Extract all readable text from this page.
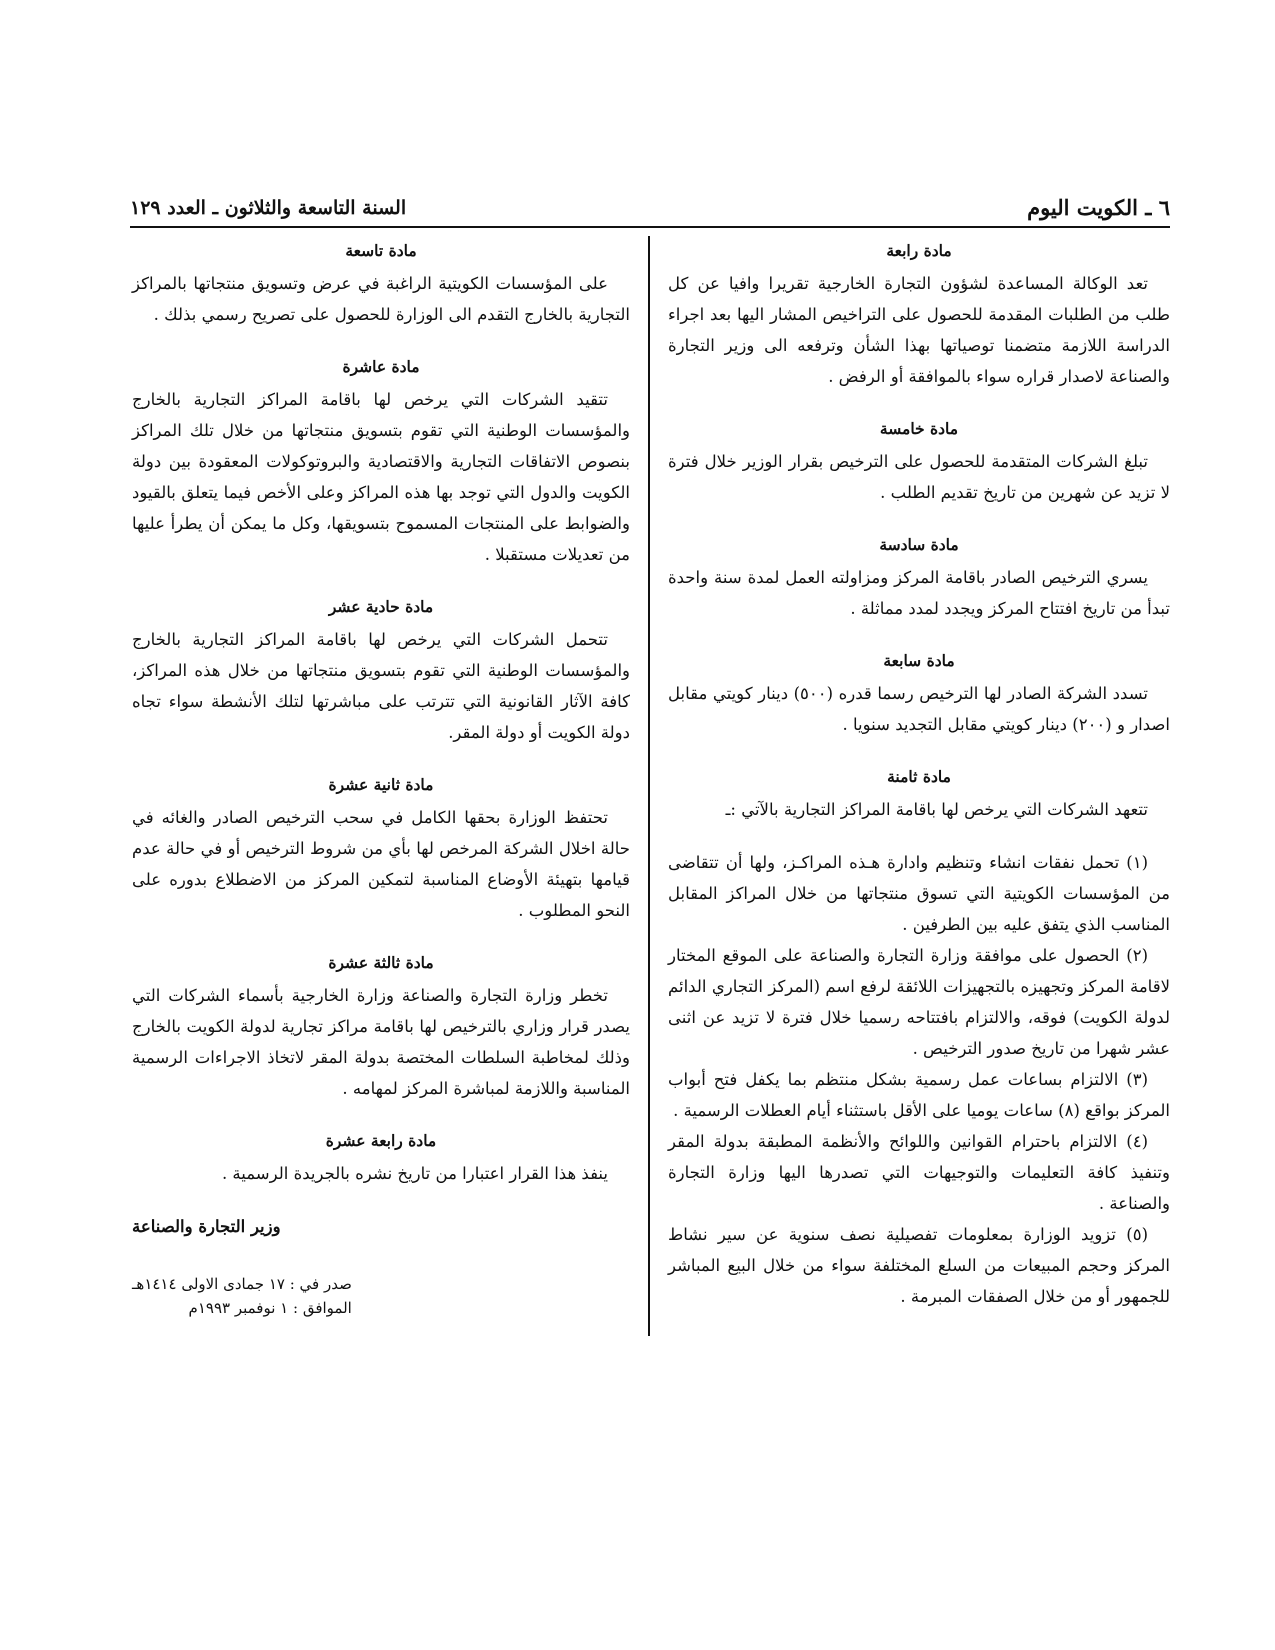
٦ ـ الكويت اليوم
السنة التاسعة والثلاثون ـ العدد ١٢٩
مادة رابعة

تعد الوكالة المساعدة لشؤون التجارة الخارجية تقريرا وافيا عن كل طلب من الطلبات المقدمة للحصول على التراخيص المشار اليها بعد اجراء الدراسة اللازمة متضمنا توصياتها بهذا الشأن وترفعه الى وزير التجارة والصناعة لاصدار قراره سواء بالموافقة أو الرفض .

مادة خامسة

تبلغ الشركات المتقدمة للحصول على الترخيص بقرار الوزير خلال فترة لا تزيد عن شهرين من تاريخ تقديم الطلب .

مادة سادسة

يسري الترخيص الصادر باقامة المركز ومزاولته العمل لمدة سنة واحدة تبدأ من تاريخ افتتاح المركز ويجدد لمدد مماثلة .

مادة سابعة

تسدد الشركة الصادر لها الترخيص رسما قدره (٥٠٠) دينار كويتي مقابل اصدار و (٢٠٠) دينار كويتي مقابل التجديد سنويا .

مادة ثامنة

تتعهد الشركات التي يرخص لها باقامة المراكز التجارية بالآتي :ـ

(١) تحمل نفقات انشاء وتنظيم وادارة هـذه المراكـز، ولها أن تتقاضى من المؤسسات الكويتية التي تسوق منتجاتها من خلال المراكز المقابل المناسب الذي يتفق عليه بين الطرفين .

(٢) الحصول على موافقة وزارة التجارة والصناعة على الموقع المختار لاقامة المركز وتجهيزه بالتجهيزات اللائقة لرفع اسم (المركز التجاري الدائم لدولة الكويت) فوقه، والالتزام بافتتاحه رسميا خلال فترة لا تزيد عن اثنى عشر شهرا من تاريخ صدور الترخيص .

(٣) الالتزام بساعات عمل رسمية بشكل منتظم بما يكفل فتح أبواب المركز بواقع (٨) ساعات يوميا على الأقل باستثناء أيام العطلات الرسمية .

(٤) الالتزام باحترام القوانين واللوائح والأنظمة المطبقة بدولة المقر وتنفيذ كافة التعليمات والتوجيهات التي تصدرها اليها وزارة التجارة والصناعة .

(٥) تزويد الوزارة بمعلومات تفصيلية نصف سنوية عن سير نشاط المركز وحجم المبيعات من السلع المختلفة سواء من خلال البيع المباشر للجمهور أو من خلال الصفقات المبرمة .

مادة تاسعة

على المؤسسات الكويتية الراغبة في عرض وتسويق منتجاتها بالمراكز التجارية بالخارج التقدم الى الوزارة للحصول على تصريح رسمي بذلك .

مادة عاشرة

تتقيد الشركات التي يرخص لها باقامة المراكز التجارية بالخارج والمؤسسات الوطنية التي تقوم بتسويق منتجاتها من خلال تلك المراكز بنصوص الاتفاقات التجارية والاقتصادية والبروتوكولات المعقودة بين دولة الكويت والدول التي توجد بها هذه المراكز وعلى الأخص فيما يتعلق بالقيود والضوابط على المنتجات المسموح بتسويقها، وكل ما يمكن أن يطرأ عليها من تعديلات مستقبلا .

مادة حادية عشر

تتحمل الشركات التي يرخص لها باقامة المراكز التجارية بالخارج والمؤسسات الوطنية التي تقوم بتسويق منتجاتها من خلال هذه المراكز، كافة الآثار القانونية التي تترتب على مباشرتها لتلك الأنشطة سواء تجاه دولة الكويت أو دولة المقر.

مادة ثانية عشرة

تحتفظ الوزارة بحقها الكامل في سحب الترخيص الصادر والغائه في حالة اخلال الشركة المرخص لها بأي من شروط الترخيص أو في حالة عدم قيامها بتهيئة الأوضاع المناسبة لتمكين المركز من الاضطلاع بدوره على النحو المطلوب .

مادة ثالثة عشرة

تخطر وزارة التجارة والصناعة وزارة الخارجية بأسماء الشركات التي يصدر قرار وزاري بالترخيص لها باقامة مراكز تجارية لدولة الكويت بالخارج وذلك لمخاطبة السلطات المختصة بدولة المقر لاتخاذ الاجراءات الرسمية المناسبة واللازمة لمباشرة المركز لمهامه .

مادة رابعة عشرة

ينفذ هذا القرار اعتبارا من تاريخ نشره بالجريدة الرسمية .

وزير التجارة والصناعة
صدر في : ١٧ جمادى الاولى ١٤١٤هـ
الموافق : ١ نوفمبر ١٩٩٣م
